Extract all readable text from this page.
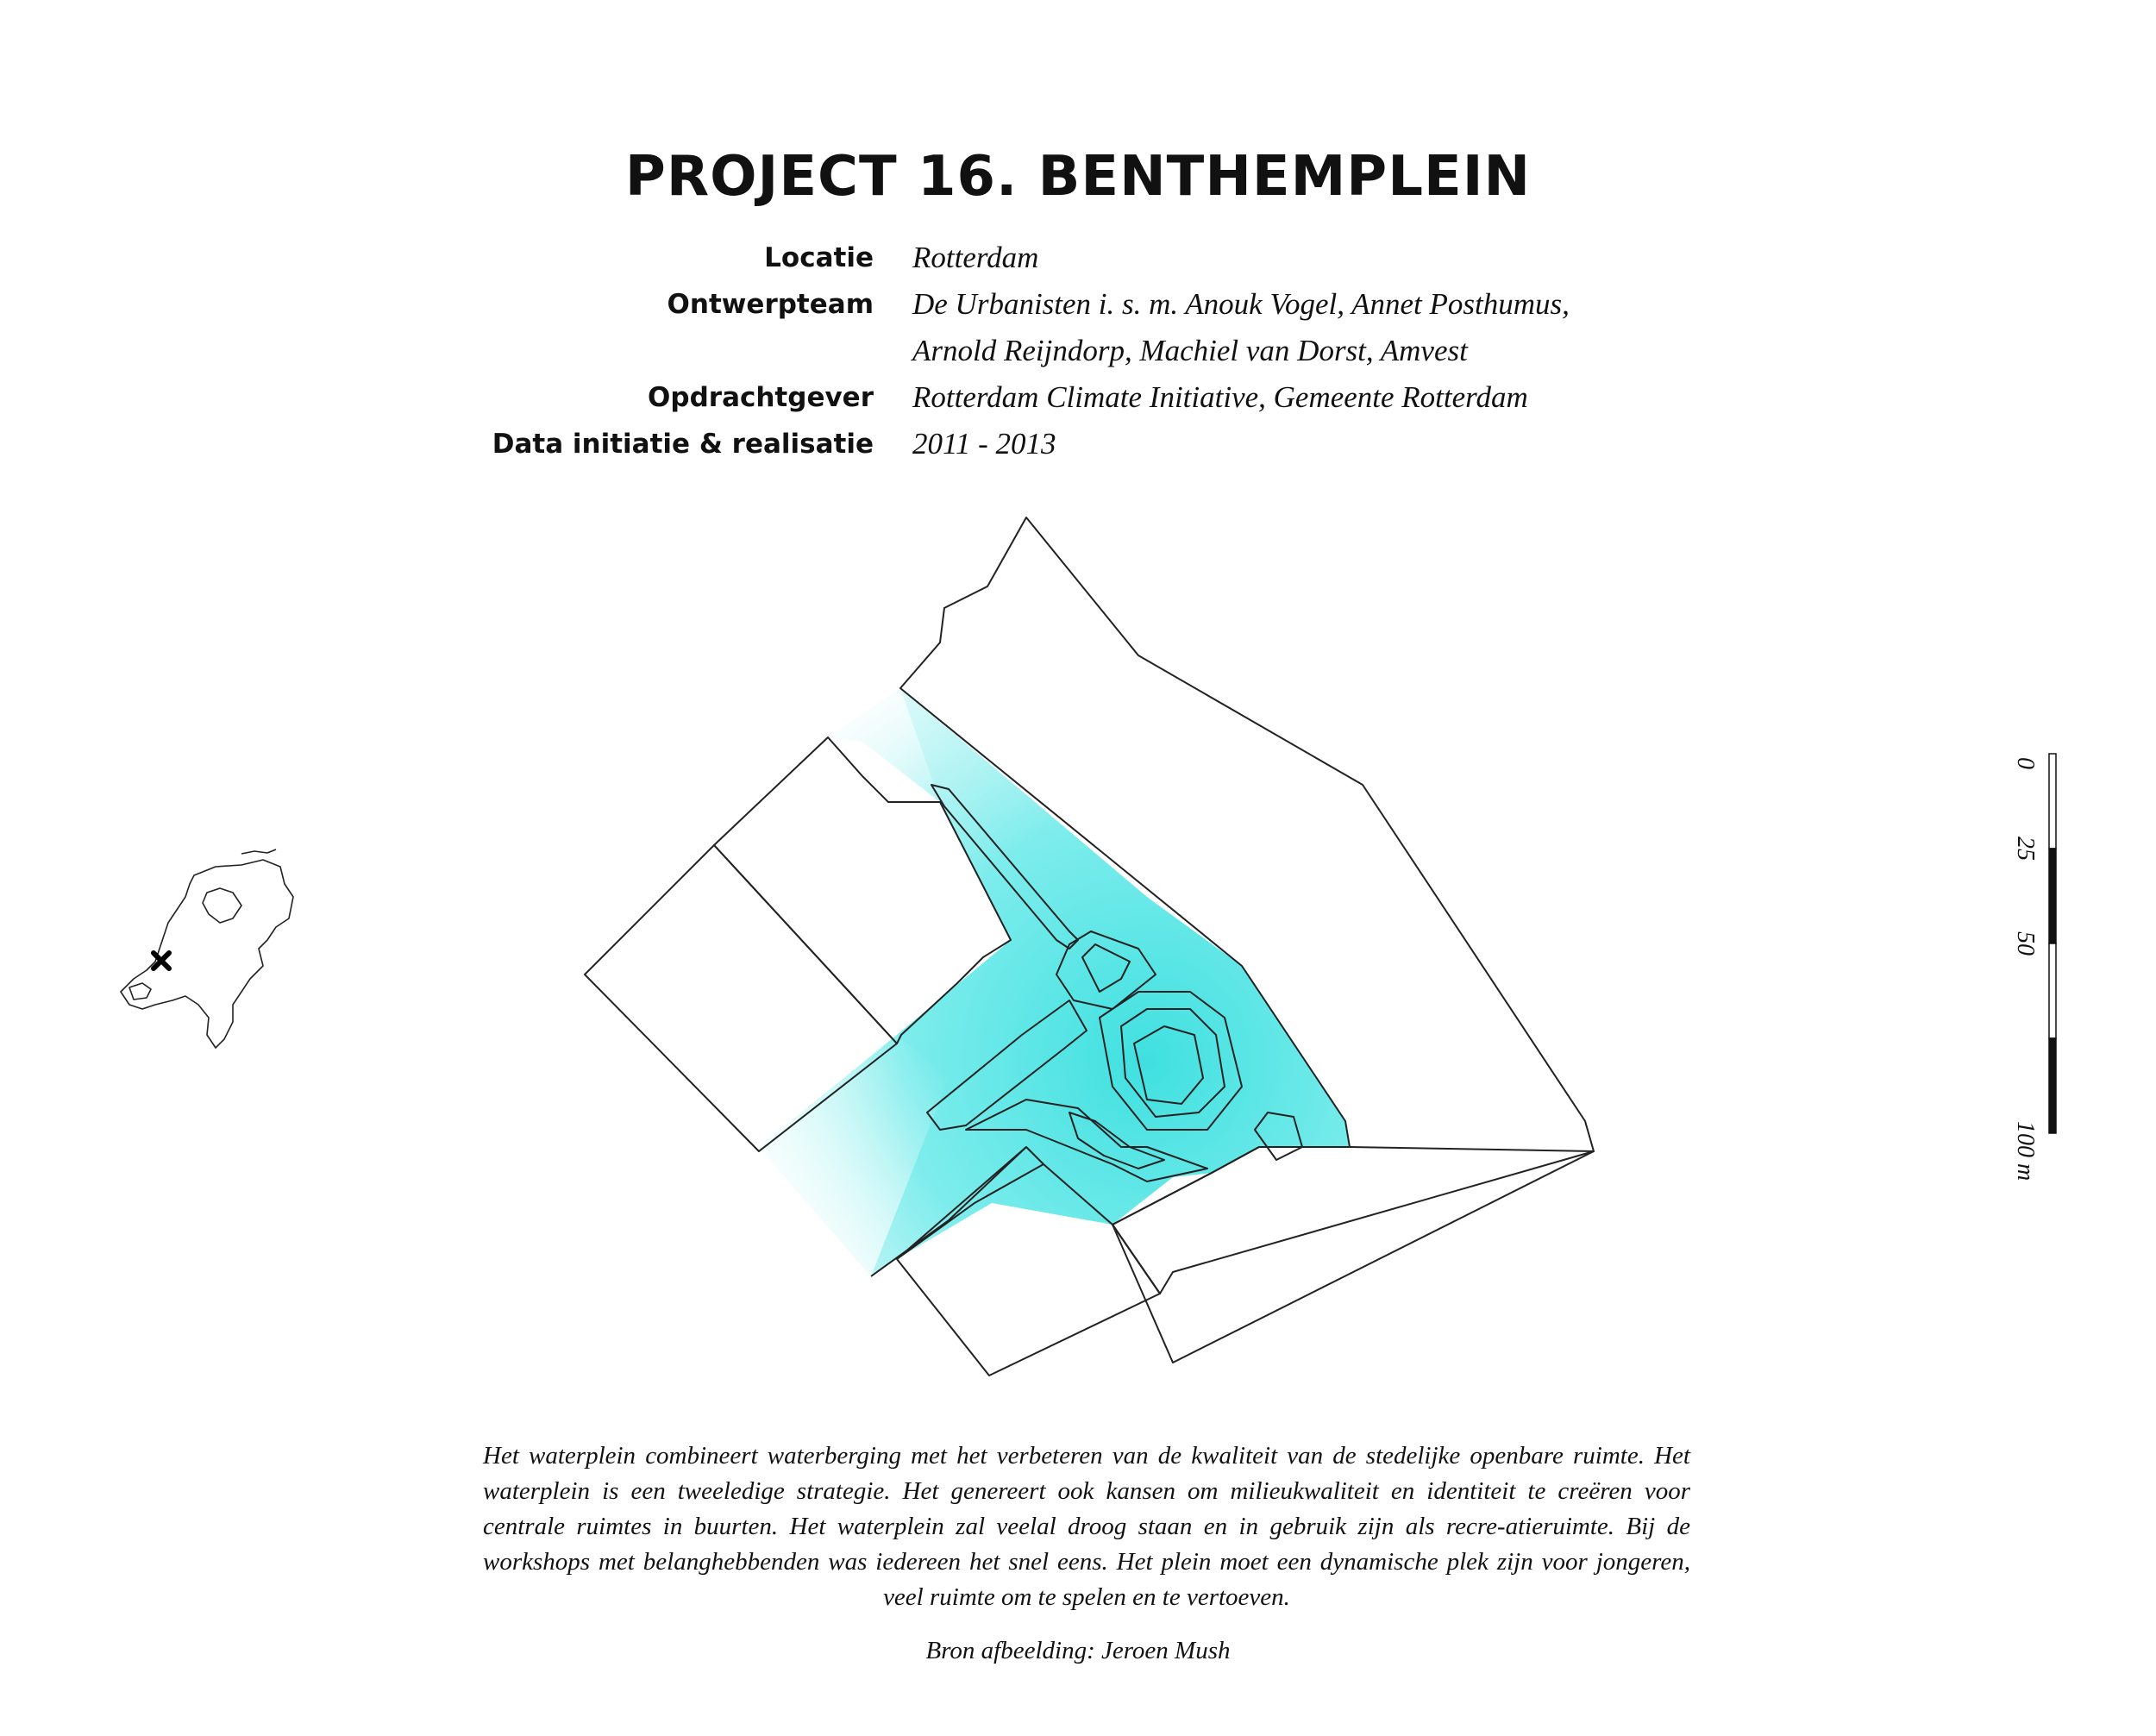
PROJECT 16. BENTHEMPLEIN
Locatie Rotterdam
Ontwerpteam De Urbanisten i. s. m. Anouk Vogel, Annet Posthumus,
Arnold Reijndorp, Machiel van Dorst, Amvest
Opdrachtgever Rotterdam Climate Initiative, Gemeente Rotterdam
Data initiatie & realisatie 2011 - 2013
0
25
50
100 m

Het waterplein combineert waterberging met het verbeteren van de kwaliteit van de stedelijke openbare ruimte. Het waterplein is een tweeledige strategie. Het genereert ook kansen om milieukwaliteit en identiteit te creëren voor centrale ruimtes in buurten. Het waterplein zal veelal droog staan en in gebruik zijn als recre-atieruimte. Bij de workshops met belanghebbenden was iedereen het snel eens. Het plein moet een dynamische plek zijn voor jongeren, veel ruimte om te spelen en te vertoeven.

Bron afbeelding: Jeroen Mush
